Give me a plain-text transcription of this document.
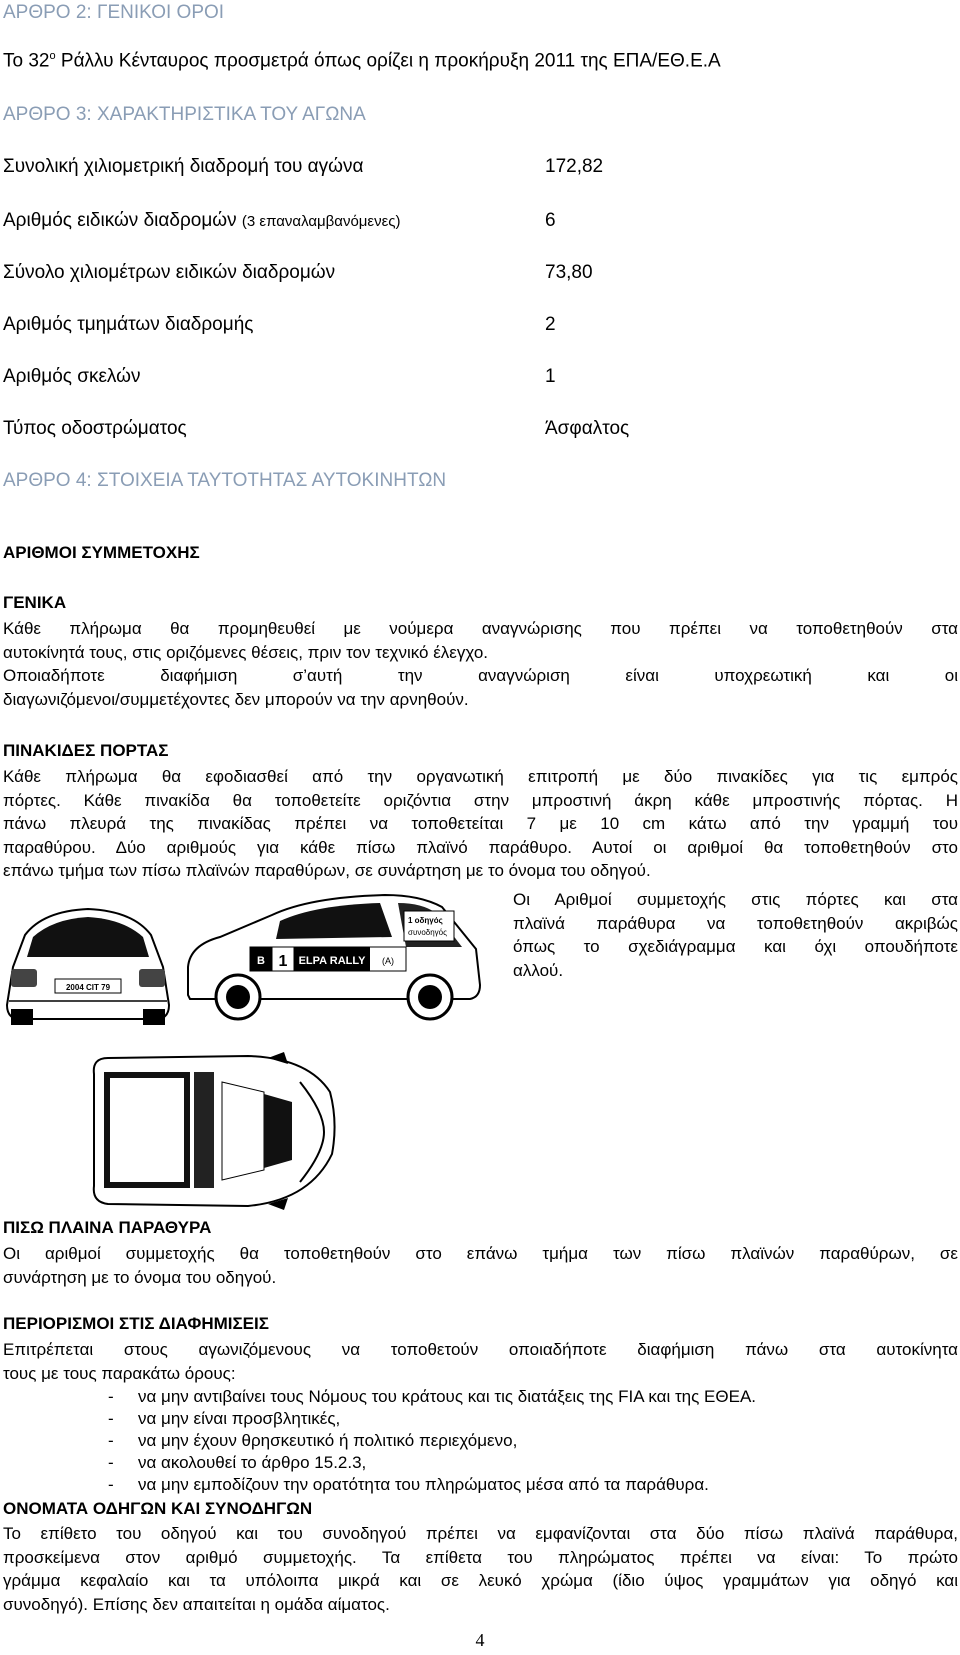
ΑΡΘΡΟ 2: ΓΕΝΙΚΟΙ ΟΡΟΙ
Το $32^o$ Ράλλυ Κένταυρος προσμετρά όπως ορίζει η προκήρυξη 2011 της ΕΠΑ/ΕΘ.Ε.Α
ΑΡΘΡΟ 3: ΧΑΡΑΚΤΗΡΙΣΤΙΚΑ ΤΟΥ ΑΓΩΝΑ
Συνολική χιλιομετρική διαδρομή του αγώνα	172,82
Αριθμός ειδικών διαδρομών (3 επαναλαμβανόμενες)	6
Σύνολο χιλιομέτρων ειδικών διαδρομών	73,80
Αριθμός τμημάτων διαδρομής	2
Αριθμός σκελών	1
Τύπος οδοστρώματος	Άσφαλτος
ΑΡΘΡΟ 4: ΣΤΟΙΧΕΙΑ ΤΑΥΤΟΤΗΤΑΣ ΑΥΤΟΚΙΝΗΤΩΝ
ΑΡΙΘΜΟΙ ΣΥΜΜΕΤΟΧΗΣ
ΓΕΝΙΚΑ
Κάθε πλήρωμα θα προμηθευθεί με νούμερα αναγνώρισης που πρέπει να τοποθετηθούν στα
αυτοκίνητά τους, στις οριζόμενες θέσεις, πριν τον τεχνικό έλεγχο.
Οποιαδήποτε διαφήμιση σ’αυτή την αναγνώριση είναι υποχρεωτική και οι
διαγωνιζόμενοι/συμμετέχοντες δεν μπορούν να την αρνηθούν.
ΠΙΝΑΚΙΔΕΣ ΠΟΡΤΑΣ
Κάθε πλήρωμα θα εφοδιασθεί από την οργανωτική επιτροπή με δύο πινακίδες για τις εμπρός
πόρτες. Κάθε πινακίδα θα τοποθετείτε οριζόντια στην μπροστινή άκρη κάθε μπροστινής πόρτας. Η
πάνω πλευρά της πινακίδας πρέπει να τοποθετείται 7 με 10 cm κάτω από την γραμμή του
παραθύρου. Δύο αριθμούς για κάθε πίσω πλαϊνό παράθυρο. Αυτοί οι αριθμοί θα τοποθετηθούν στο
επάνω τμήμα των πίσω πλαϊνών παραθύρων, σε συνάρτηση με το όνομα του οδηγού.
Οι Αριθμοί συμμετοχής στις πόρτες και στα
πλαϊνά παράθυρα να τοποθετηθούν ακριβώς
όπως το σχεδιάγραμμα και όχι οπουδήποτε
αλλού.
2004 CIT 79
1 οδηγός
συνοδηγός
B 1 ELPA RALLY (A)
ΠΙΣΩ ΠΛΑΙΝΑ ΠΑΡΑΘΥΡΑ
Οι αριθμοί συμμετοχής θα τοποθετηθούν στο επάνω τμήμα των πίσω πλαϊνών παραθύρων, σε
συνάρτηση με το όνομα του οδηγού.
ΠΕΡΙΟΡΙΣΜΟΙ ΣΤΙΣ ΔΙΑΦΗΜΙΣΕΙΣ
Επιτρέπεται στους αγωνιζόμενους να τοποθετούν οποιαδήποτε διαφήμιση πάνω στα αυτοκίνητα
τους με τους παρακάτω όρους:
- να μην αντιβαίνει τους Νόμους του κράτους και τις διατάξεις της FIA και της ΕΘΕΑ.
- να μην είναι προσβλητικές,
- να μην έχουν θρησκευτικό ή πολιτικό περιεχόμενο,
- να ακολουθεί το άρθρο 15.2.3,
- να μην εμποδίζουν την ορατότητα του πληρώματος μέσα από τα παράθυρα.
ΟΝΟΜΑΤΑ ΟΔΗΓΩΝ ΚΑΙ ΣΥΝΟΔΗΓΩΝ
Το επίθετο του οδηγού και του συνοδηγού πρέπει να εμφανίζονται στα δύο πίσω πλαϊνά παράθυρα,
προσκείμενα στον αριθμό συμμετοχής. Τα επίθετα του πληρώματος πρέπει να είναι: Το πρώτο
γράμμα κεφαλαίο και τα υπόλοιπα μικρά και σε λευκό χρώμα (ίδιο ύψος γραμμάτων για οδηγό και
συνοδηγό). Επίσης δεν απαιτείται η ομάδα αίματος.
4
